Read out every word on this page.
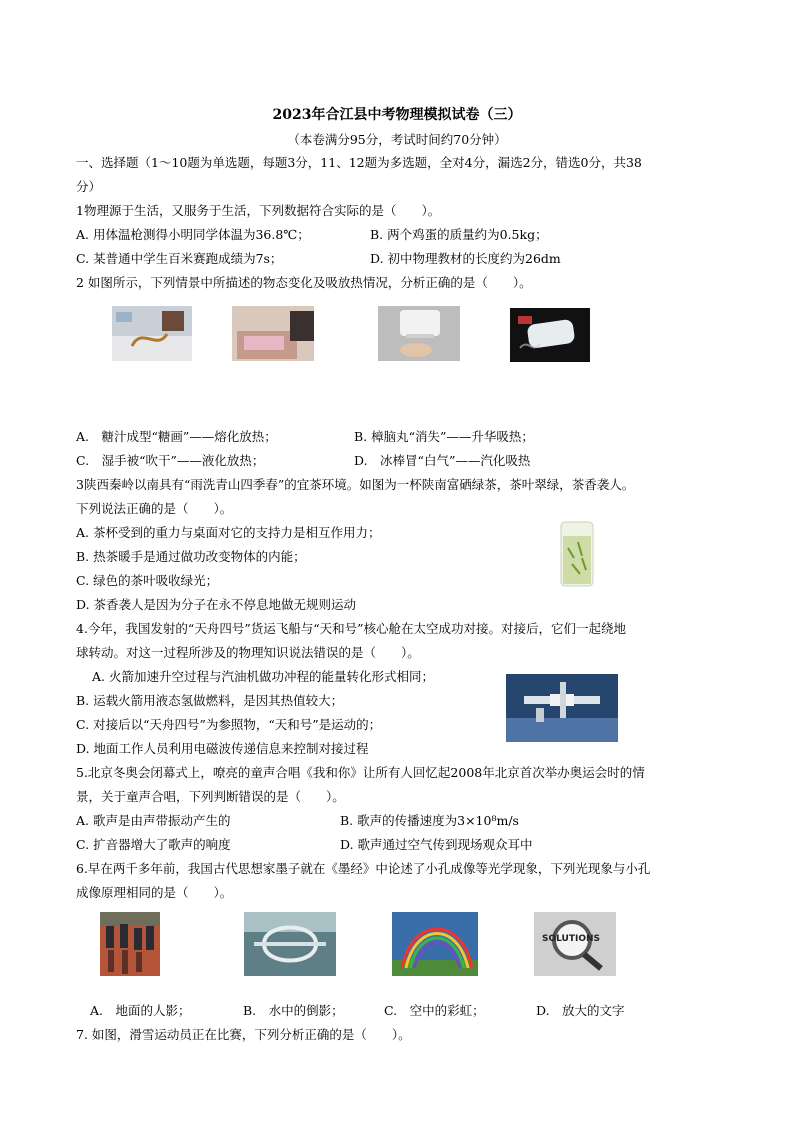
2023年合江县中考物理模拟试卷（三）
（本卷满分95分，考试时间约70分钟）
一、选择题（1～10题为单选题，每题3分，11、12题为多选题，全对4分，漏选2分，错选0分，共38
分）
1物理源于生活，又服务于生活，下列数据符合实际的是（　　）。
A. 用体温枪测得小明同学体温为36.8℃；	B. 两个鸡蛋的质量约为0.5kg；
C. 某普通中学生百米赛跑成绩为7s；	D. 初中物理教材的长度约为26dm
2 如图所示，下列情景中所描述的物态变化及吸放热情况，分析正确的是（　　）。
A.　糖汁成型“糖画”——熔化放热；	B. 樟脑丸“消失”——升华吸热；
C.　湿手被“吹干”——液化放热；	D.　冰棒冒“白气”——汽化吸热
3陕西秦岭以南具有“雨洗青山四季春”的宜茶环境。如图为一杯陕南富硒绿茶，茶叶翠绿，茶香袭人。
下列说法正确的是（　　）。
A. 茶杯受到的重力与桌面对它的支持力是相互作用力；
B. 热茶暖手是通过做功改变物体的内能；
C. 绿色的茶叶吸收绿光；
D. 茶香袭人是因为分子在永不停息地做无规则运动
4.今年，我国发射的“天舟四号”货运飞船与“天和号”核心舱在太空成功对接。对接后，它们一起绕地
球转动。对这一过程所涉及的物理知识说法错误的是（　　）。
A. 火箭加速升空过程与汽油机做功冲程的能量转化形式相同；
B. 运载火箭用液态氢做燃料，是因其热值较大；
C. 对接后以“天舟四号”为参照物，“天和号”是运动的；
D. 地面工作人员利用电磁波传递信息来控制对接过程
5.北京冬奥会闭幕式上，嘹亮的童声合唱《我和你》让所有人回忆起2008年北京首次举办奥运会时的情
景，关于童声合唱，下列判断错误的是（　　）。
A. 歌声是由声带振动产生的	B. 歌声的传播速度为3×10⁸m/s
C. 扩音器增大了歌声的响度	D. 歌声通过空气传到现场观众耳中
6.早在两千多年前，我国古代思想家墨子就在《墨经》中论述了小孔成像等光学现象，下列光现象与小孔
成像原理相同的是（　　）。
SOLUTIONS
A.　地面的人影；	B.　水中的倒影；	C.　空中的彩虹；	D.　放大的文字
7. 如图，滑雪运动员正在比赛，下列分析正确的是（　　）。
